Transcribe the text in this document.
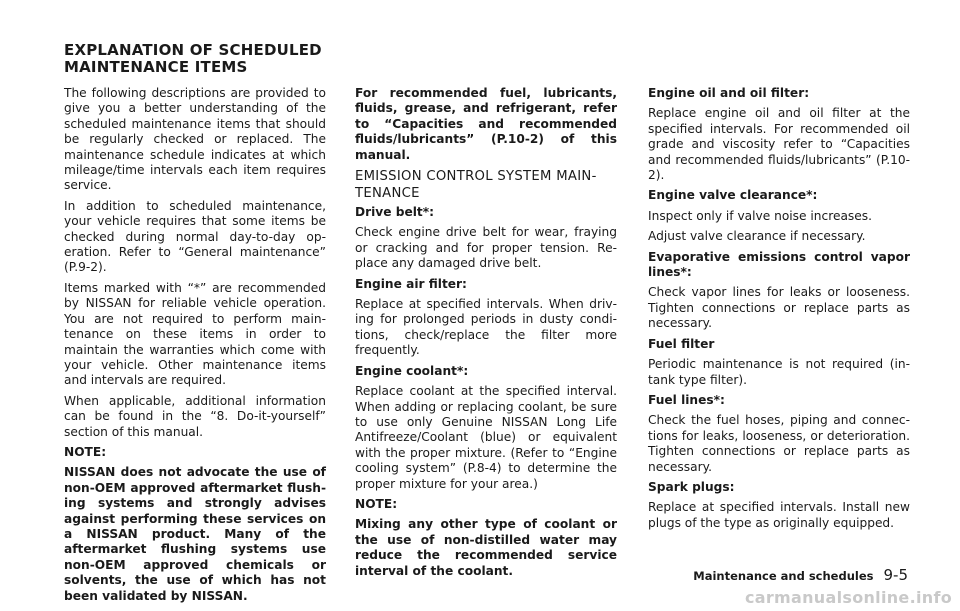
EXPLANATION OF SCHEDULED MAINTENANCE ITEMS

The following descriptions are provided to give you a better understanding of the scheduled maintenance items that should be regularly checked or replaced. The maintenance schedule indicates at which mileage/time intervals each item requires service.

In addition to scheduled maintenance, your vehicle requires that some items be checked during normal day-to-day operation. Refer to “General maintenance” (P.9-2).

Items marked with “*” are recommended by NISSAN for reliable vehicle operation. You are not required to perform maintenance on these items in order to maintain the warranties which come with your vehicle. Other maintenance items and intervals are required.

When applicable, additional information can be found in the “8. Do-it-yourself” section of this manual.

NOTE:

NISSAN does not advocate the use of non-OEM approved aftermarket flushing systems and strongly advises against performing these services on a NISSAN product. Many of the aftermarket flushing systems use non-OEM approved chemicals or solvents, the use of which has not been validated by NISSAN.

For recommended fuel, lubricants, fluids, grease, and refrigerant, refer to “Capacities and recommended fluids/lubricants” (P.10-2) of this manual.

EMISSION CONTROL SYSTEM MAINTENANCE

Drive belt*:

Check engine drive belt for wear, fraying or cracking and for proper tension. Replace any damaged drive belt.

Engine air filter:

Replace at specified intervals. When driving for prolonged periods in dusty conditions, check/replace the filter more frequently.

Engine coolant*:

Replace coolant at the specified interval. When adding or replacing coolant, be sure to use only Genuine NISSAN Long Life Antifreeze/Coolant (blue) or equivalent with the proper mixture. (Refer to “Engine cooling system” (P.8-4) to determine the proper mixture for your area.)

NOTE:

Mixing any other type of coolant or the use of non-distilled water may reduce the recommended service interval of the coolant.

Engine oil and oil filter:

Replace engine oil and oil filter at the specified intervals. For recommended oil grade and viscosity refer to “Capacities and recommended fluids/lubricants” (P.10-2).

Engine valve clearance*:

Inspect only if valve noise increases.

Adjust valve clearance if necessary.

Evaporative emissions control vapor lines*:

Check vapor lines for leaks or looseness. Tighten connections or replace parts as necessary.

Fuel filter

Periodic maintenance is not required (in-tank type filter).

Fuel lines*:

Check the fuel hoses, piping and connections for leaks, looseness, or deterioration. Tighten connections or replace parts as necessary.

Spark plugs:

Replace at specified intervals. Install new plugs of the type as originally equipped.

Maintenance and schedules 9-5
carmanualsonline.info
